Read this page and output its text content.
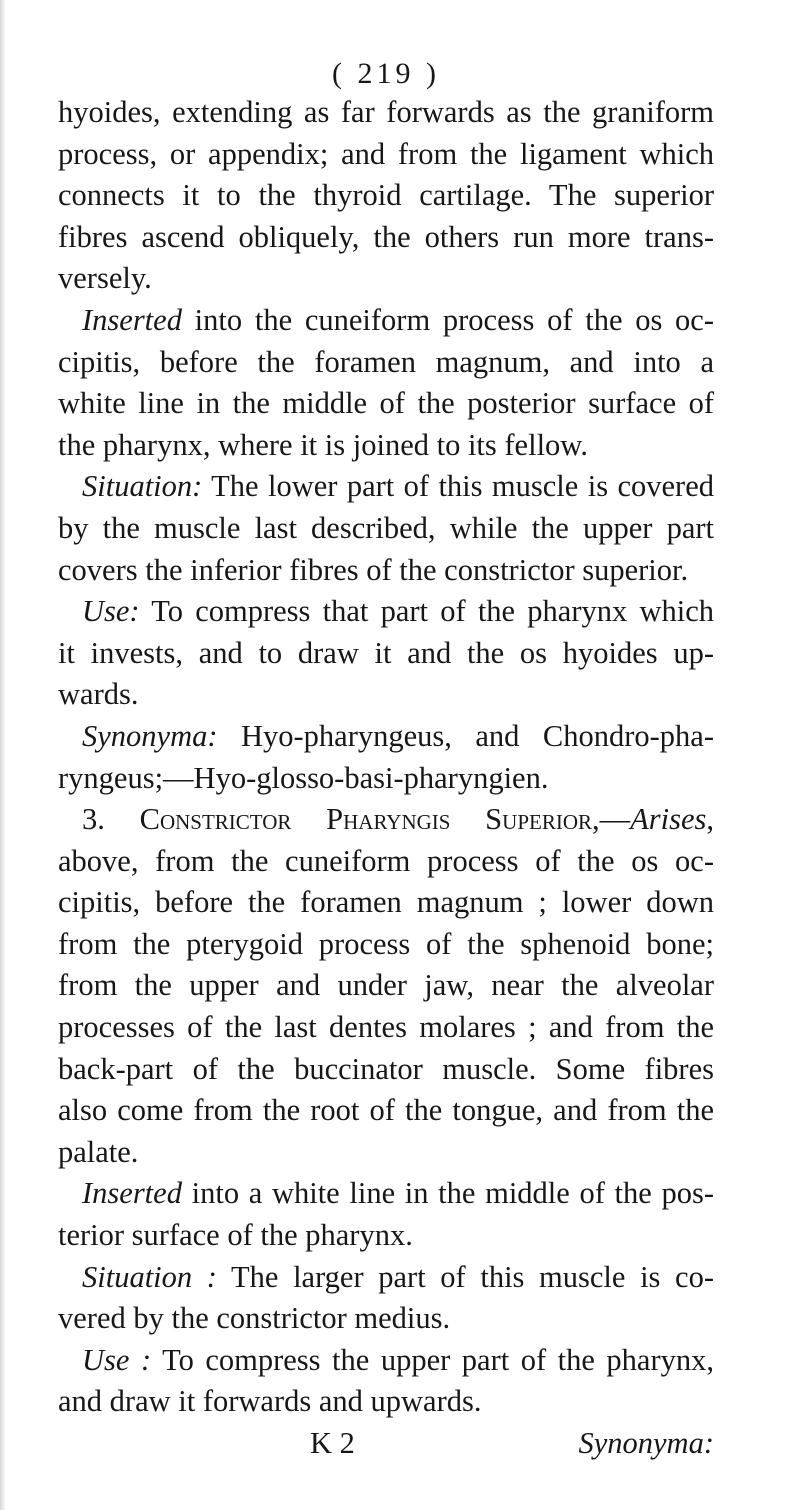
( 219 )
hyoides, extending as far forwards as the graniform
process, or appendix; and from the ligament which
connects it to the thyroid cartilage. The superior
fibres ascend obliquely, the others run more trans-
versely.
Inserted into the cuneiform process of the os oc-
cipitis, before the foramen magnum, and into a
white line in the middle of the posterior surface of
the pharynx, where it is joined to its fellow.
Situation: The lower part of this muscle is covered
by the muscle last described, while the upper part
covers the inferior fibres of the constrictor superior.
Use: To compress that part of the pharynx which
it invests, and to draw it and the os hyoides up-
wards.
Synonyma: Hyo-pharyngeus, and Chondro-pha-
ryngeus;—Hyo-glosso-basi-pharyngien.
3. Constrictor Pharyngis Superior,—Arises,
above, from the cuneiform process of the os oc-
cipitis, before the foramen magnum ; lower down
from the pterygoid process of the sphenoid bone;
from the upper and under jaw, near the alveolar
processes of the last dentes molares ; and from the
back-part of the buccinator muscle. Some fibres
also come from the root of the tongue, and from the
palate.
Inserted into a white line in the middle of the pos-
terior surface of the pharynx.
Situation : The larger part of this muscle is co-
vered by the constrictor medius.
Use : To compress the upper part of the pharynx,
and draw it forwards and upwards.
K 2	Synonyma:
